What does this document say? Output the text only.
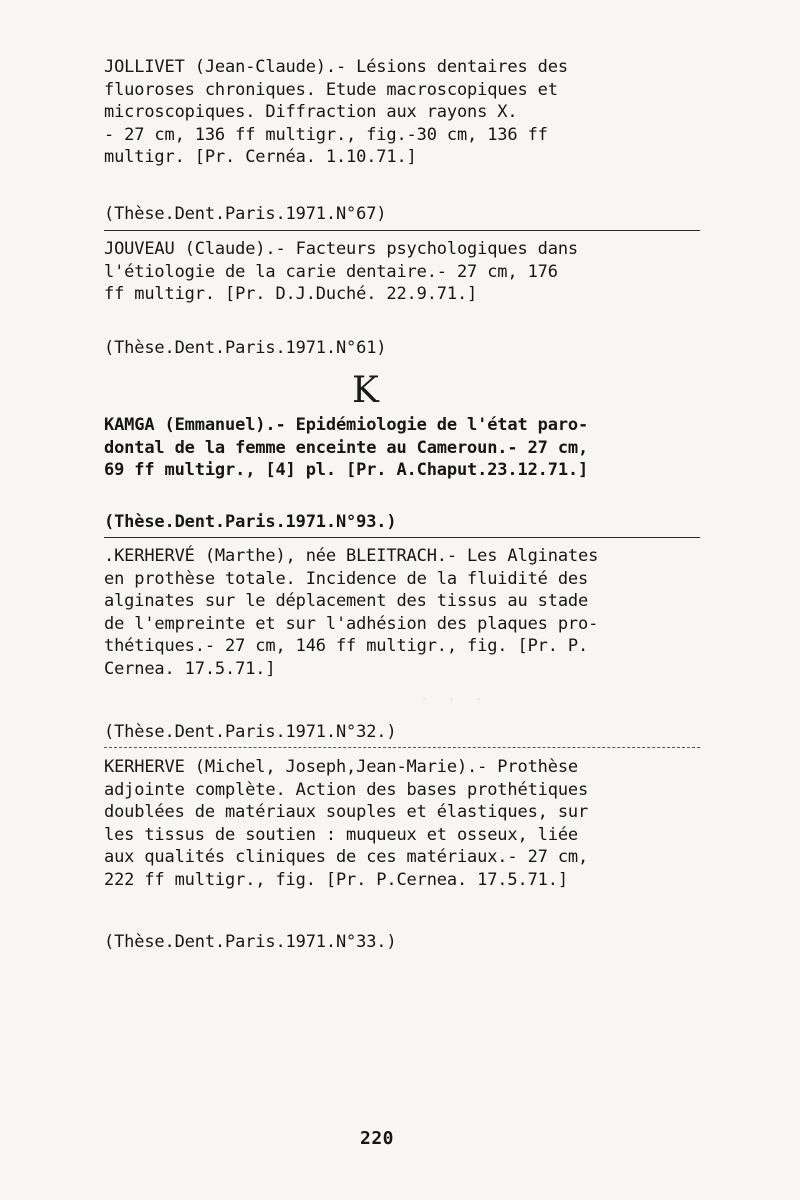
·  ·  ·
JOLLIVET (Jean-Claude).- Lésions dentaires des
fluoroses chroniques. Etude macroscopiques et
microscopiques. Diffraction aux rayons X.
- 27 cm, 136 ff multigr., fig.-30 cm, 136 ff
multigr. [Pr. Cernéa. 1.10.71.]
(Thèse.Dent.Paris.1971.N°67)
JOUVEAU (Claude).- Facteurs psychologiques dans
l'étiologie de la carie dentaire.- 27 cm, 176
ff multigr. [Pr. D.J.Duché. 22.9.71.]
(Thèse.Dent.Paris.1971.N°61)
K
KAMGA (Emmanuel).- Epidémiologie de l'état paro-
dontal de la femme enceinte au Cameroun.- 27 cm,
69 ff multigr., [4] pl. [Pr. A.Chaput.23.12.71.]
(Thèse.Dent.Paris.1971.N°93.)
.KERHERVÉ (Marthe), née BLEITRACH.- Les Alginates
en prothèse totale. Incidence de la fluidité des
alginates sur le déplacement des tissus au stade
de l'empreinte et sur l'adhésion des plaques pro-
thétiques.- 27 cm, 146 ff multigr., fig. [Pr. P.
Cernea. 17.5.71.]
(Thèse.Dent.Paris.1971.N°32.)
KERHERVE (Michel, Joseph,Jean-Marie).- Prothèse
adjointe complète. Action des bases prothétiques
doublées de matériaux souples et élastiques, sur
les tissus de soutien : muqueux et osseux, liée
aux qualités cliniques de ces matériaux.- 27 cm,
222 ff multigr., fig. [Pr. P.Cernea. 17.5.71.]
(Thèse.Dent.Paris.1971.N°33.)
220
